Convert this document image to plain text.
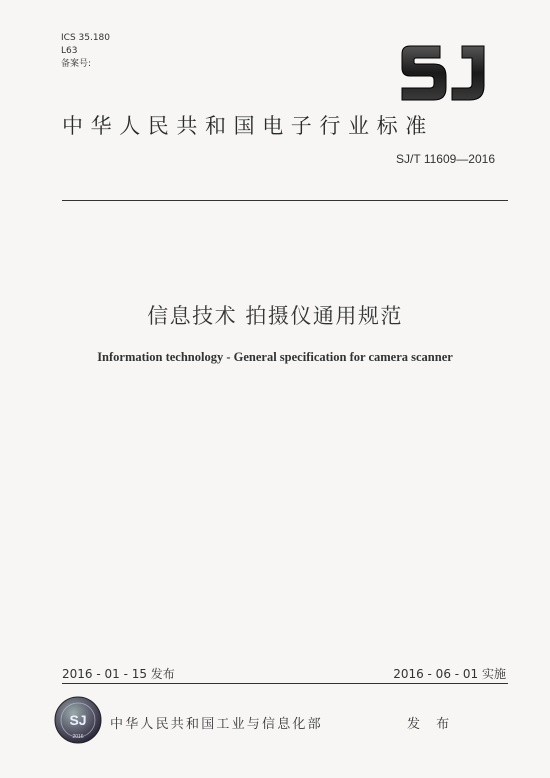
ICS 35.180
L63
备案号:
中华人民共和国电子行业标准
SJ/T 11609—2016
信息技术 拍摄仪通用规范
Information technology - General specification for camera scanner
2016 - 01 - 15 发布	2016 - 06 - 01 实施
SJ
2016
中华人民共和国工业与信息化部	发 布
